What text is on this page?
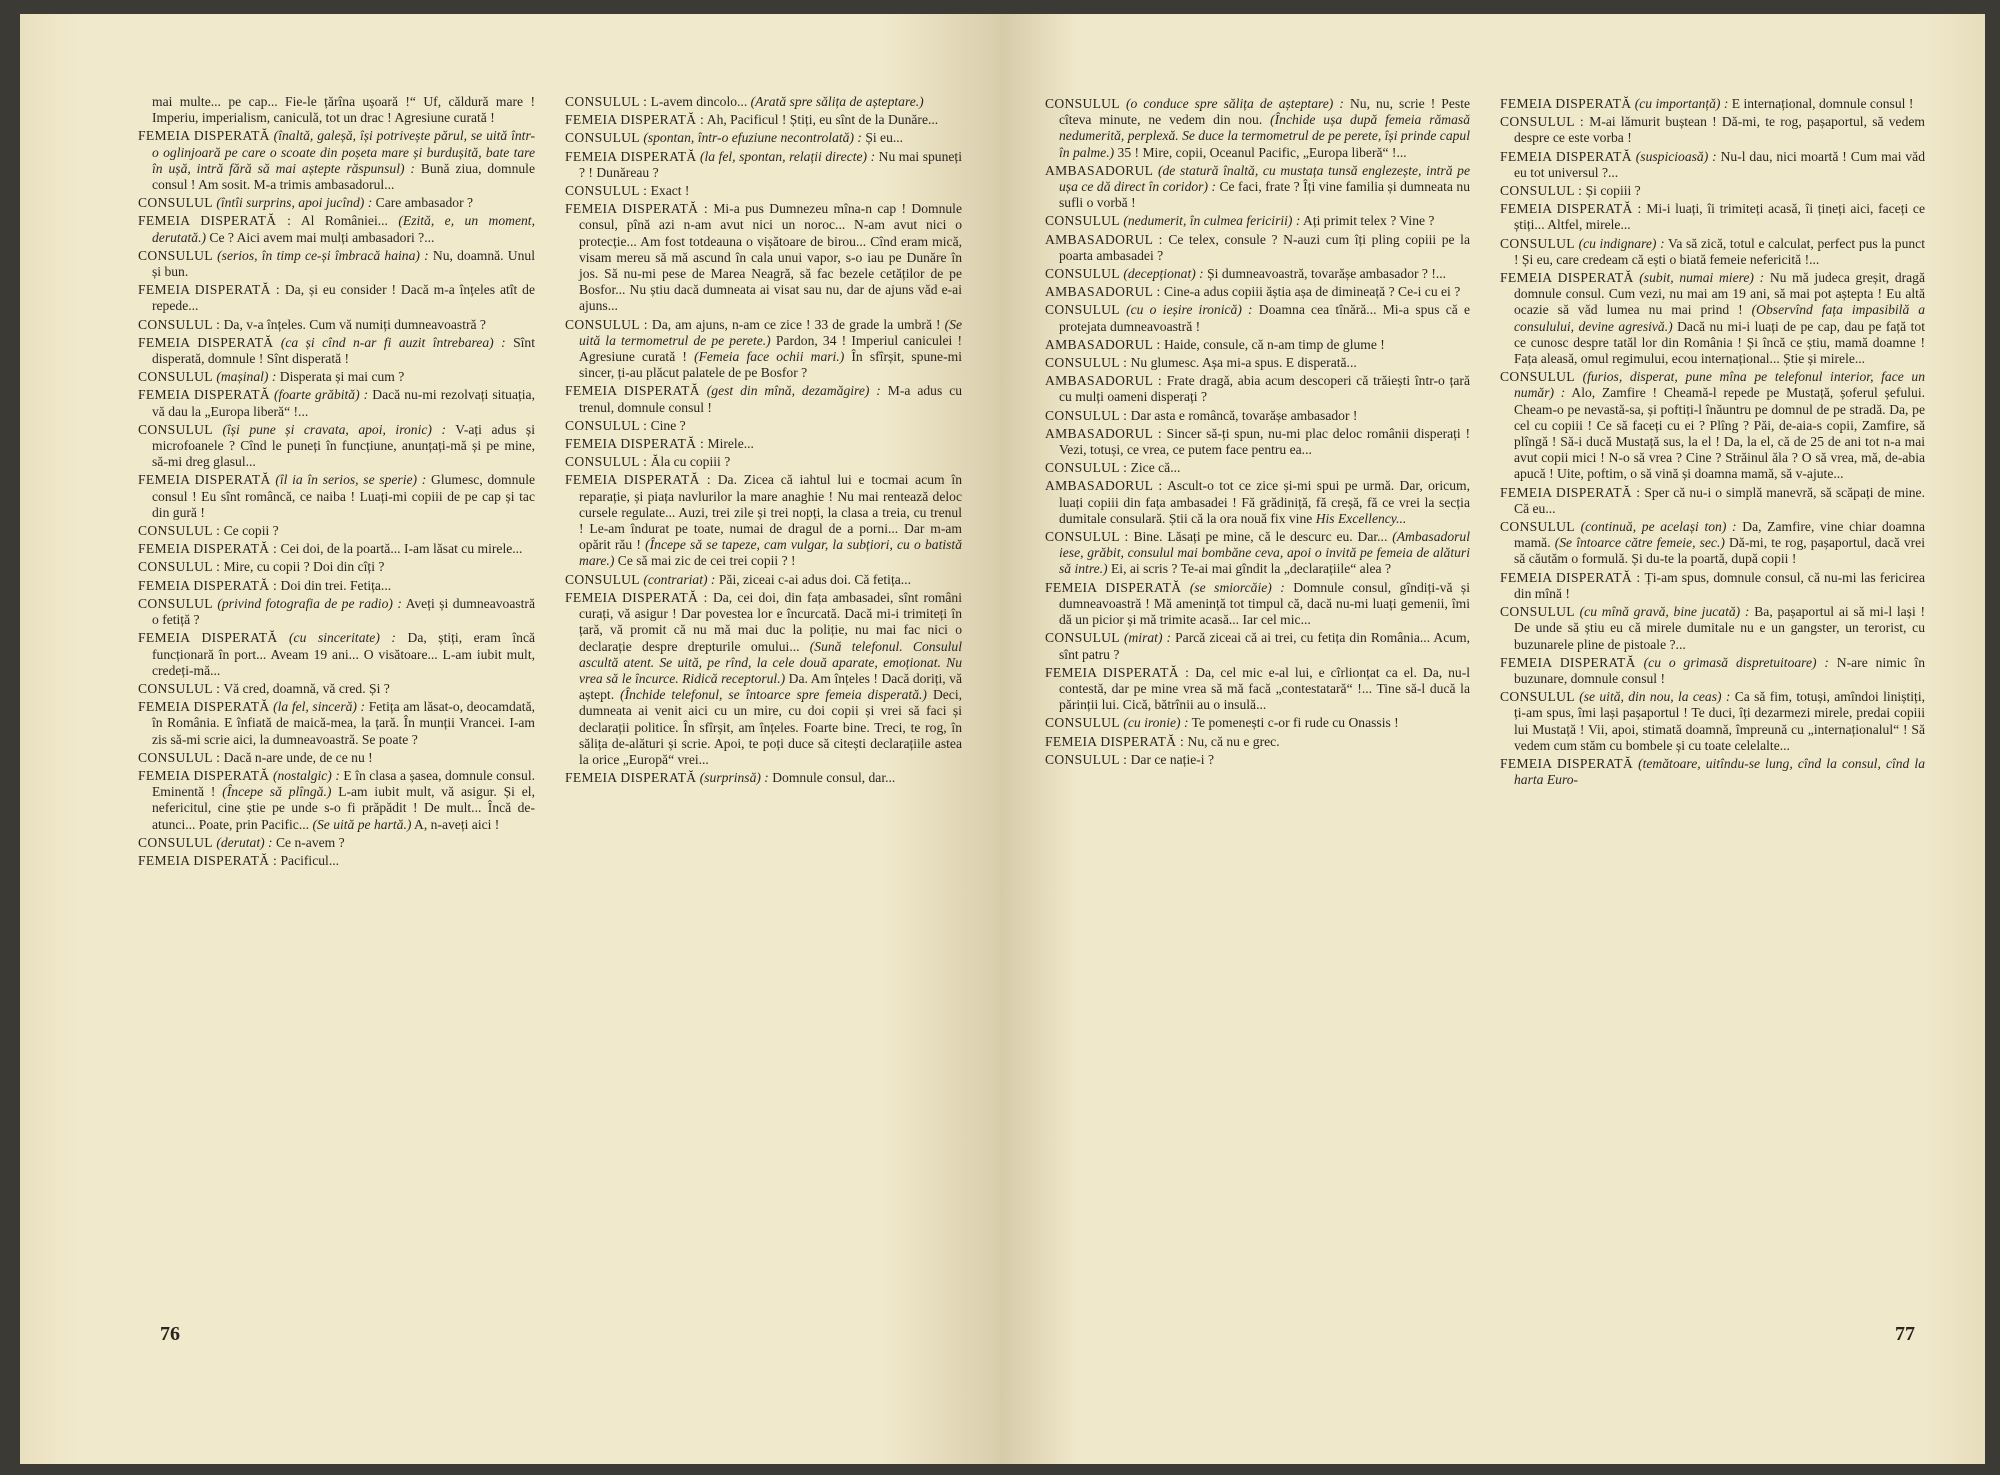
mai multe... pe cap... Fie-le țărîna ușoară !“ Uf, căldură mare ! Imperiu, imperialism, caniculă, tot un drac ! Agresiune curată !

FEMEIA DISPERATĂ (înaltă, galeșă, își potrivește părul, se uită într-o oglinjoară pe care o scoate din poșeta mare și burdușită, bate tare în ușă, intră fără să mai aștepte răspunsul) : Bună ziua, domnule consul ! Am sosit. M-a trimis ambasadorul...

CONSULUL (întîi surprins, apoi jucînd) : Care ambasador ?

FEMEIA DISPERATĂ : Al României... (Ezită, e, un moment, derutată.) Ce ? Aici avem mai mulți ambasadori ?...

CONSULUL (serios, în timp ce-și îmbracă haina) : Nu, doamnă. Unul și bun.

FEMEIA DISPERATĂ : Da, și eu consider ! Dacă m-a înțeles atît de repede...

CONSULUL : Da, v-a înțeles. Cum vă numiți dumneavoastră ?

FEMEIA DISPERATĂ (ca și cînd n-ar fi auzit întrebarea) : Sînt disperată, domnule ! Sînt disperată !

CONSULUL (mașinal) : Disperata și mai cum ?

FEMEIA DISPERATĂ (foarte grăbită) : Dacă nu-mi rezolvați situația, vă dau la „Europa liberă“ !...

CONSULUL (își pune și cravata, apoi, ironic) : V-ați adus și microfoanele ? Cînd le puneți în funcțiune, anunțați-mă și pe mine, să-mi dreg glasul...

FEMEIA DISPERATĂ (îl ia în serios, se sperie) : Glumesc, domnule consul ! Eu sînt româncă, ce naiba ! Luați-mi copiii de pe cap și tac din gură !

CONSULUL : Ce copii ?

FEMEIA DISPERATĂ : Cei doi, de la poartă... I-am lăsat cu mirele...

CONSULUL : Mire, cu copii ? Doi din cîți ?

FEMEIA DISPERATĂ : Doi din trei. Fetița...

CONSULUL (privind fotografia de pe radio) : Aveți și dumneavoastră o fetiță ?

FEMEIA DISPERATĂ (cu sinceritate) : Da, știți, eram încă funcționară în port... Aveam 19 ani... O visătoare... L-am iubit mult, credeți-mă...

CONSULUL : Vă cred, doamnă, vă cred. Și ?

FEMEIA DISPERATĂ (la fel, sinceră) : Fetița am lăsat-o, deocamdată, în România. E înfiată de maică-mea, la țară. În munții Vrancei. I-am zis să-mi scrie aici, la dumneavoastră. Se poate ?

CONSULUL : Dacă n-are unde, de ce nu !

FEMEIA DISPERATĂ (nostalgic) : E în clasa a șasea, domnule consul. Eminentă ! (Începe să plîngă.) L-am iubit mult, vă asigur. Și el, nefericitul, cine știe pe unde s-o fi prăpădit ! De mult... Încă de-atunci... Poate, prin Pacific... (Se uită pe hartă.) A, n-aveți aici !

CONSULUL (derutat) : Ce n-avem ?

FEMEIA DISPERATĂ : Pacificul...

CONSULUL : L-avem dincolo... (Arată spre sălița de așteptare.)

FEMEIA DISPERATĂ : Ah, Pacificul ! Știți, eu sînt de la Dunăre...

CONSULUL (spontan, într-o efuziune necontrolată) : Și eu...

FEMEIA DISPERATĂ (la fel, spontan, relații directe) : Nu mai spuneți ? ! Dunăreau ?

CONSULUL : Exact !

FEMEIA DISPERATĂ : Mi-a pus Dumnezeu mîna-n cap ! Domnule consul, pînă azi n-am avut nici un noroc... N-am avut nici o protecție... Am fost totdeauna o vișătoare de birou... Cînd eram mică, visam mereu să mă ascund în cala unui vapor, s-o iau pe Dunăre în jos. Să nu-mi pese de Marea Neagră, să fac bezele cetăților de pe Bosfor... Nu știu dacă dumneata ai visat sau nu, dar de ajuns văd e-ai ajuns...

CONSULUL : Da, am ajuns, n-am ce zice ! 33 de grade la umbră ! (Se uită la termometrul de pe perete.) Pardon, 34 ! Imperiul caniculei ! Agresiune curată ! (Femeia face ochii mari.) În sfîrșit, spune-mi sincer, ți-au plăcut palatele de pe Bosfor ?

FEMEIA DISPERATĂ (gest din mînă, dezamăgire) : M-a adus cu trenul, domnule consul !

CONSULUL : Cine ?

FEMEIA DISPERATĂ : Mirele...

CONSULUL : Ăla cu copiii ?

FEMEIA DISPERATĂ : Da. Zicea că iahtul lui e tocmai acum în reparație, și piața navlurilor la mare anaghie ! Nu mai rentează deloc cursele regulate... Auzi, trei zile și trei nopți, la clasa a treia, cu trenul ! Le-am îndurat pe toate, numai de dragul de a porni... Dar m-am opărit rău ! (Începe să se tapeze, cam vulgar, la subțiori, cu o batistă mare.) Ce să mai zic de cei trei copii ? !

CONSULUL (contrariat) : Păi, ziceai c-ai adus doi. Că fetița...

FEMEIA DISPERATĂ : Da, cei doi, din fața ambasadei, sînt români curați, vă asigur ! Dar povestea lor e încurcată. Dacă mi-i trimiteți în țară, vă promit că nu mă mai duc la poliție, nu mai fac nici o declarație despre drepturile omului... (Sună telefonul. Consulul ascultă atent. Se uită, pe rînd, la cele două aparate, emoționat. Nu vrea să le încurce. Ridică receptorul.) Da. Am înțeles ! Dacă doriți, vă aștept. (Închide telefonul, se întoarce spre femeia disperată.) Deci, dumneata ai venit aici cu un mire, cu doi copii și vrei să faci și declarații politice. În sfîrșit, am înțeles. Foarte bine. Treci, te rog, în sălița de-alături și scrie. Apoi, te poți duce să citești declarațiile astea la orice „Europă“ vrei...

FEMEIA DISPERATĂ (surprinsă) : Domnule consul, dar...

76

CONSULUL (o conduce spre sălița de așteptare) : Nu, nu, scrie ! Peste cîteva minute, ne vedem din nou. (Închide ușa după femeia rămasă nedumerită, perplexă. Se duce la termometrul de pe perete, își prinde capul în palme.) 35 ! Mire, copii, Oceanul Pacific, „Europa liberă“ !...

AMBASADORUL (de statură înaltă, cu mustața tunsă englezește, intră pe ușa ce dă direct în coridor) : Ce faci, frate ? Îți vine familia și dumneata nu sufli o vorbă !

CONSULUL (nedumerit, în culmea fericirii) : Ați primit telex ? Vine ?

AMBASADORUL : Ce telex, consule ? N-auzi cum îți pling copiii pe la poarta ambasadei ?

CONSULUL (decepționat) : Și dumneavoastră, tovarășe ambasador ? !...

AMBASADORUL : Cine-a adus copiii ăștia așa de dimineață ? Ce-i cu ei ?

CONSULUL (cu o ieșire ironică) : Doamna cea tînără... Mi-a spus că e protejata dumneavoastră !

AMBASADORUL : Haide, consule, că n-am timp de glume !

CONSULUL : Nu glumesc. Așa mi-a spus. E disperată...

AMBASADORUL : Frate dragă, abia acum descoperi că trăiești într-o țară cu mulți oameni disperați ?

CONSULUL : Dar asta e româncă, tovarășe ambasador !

AMBASADORUL : Sincer să-ți spun, nu-mi plac deloc românii disperați ! Vezi, totuși, ce vrea, ce putem face pentru ea...

CONSULUL : Zice că...

AMBASADORUL : Ascult-o tot ce zice și-mi spui pe urmă. Dar, oricum, luați copiii din fața ambasadei ! Fă grădiniță, fă creșă, fă ce vrei la secția dumitale consulară. Știi că la ora nouă fix vine His Excellency...

CONSULUL : Bine. Lăsați pe mine, că le descurc eu. Dar... (Ambasadorul iese, grăbit, consulul mai bombăne ceva, apoi o invită pe femeia de alături să intre.) Ei, ai scris ? Te-ai mai gîndit la „declarațiile“ alea ?

FEMEIA DISPERATĂ (se smiorcăie) : Domnule consul, gîndiți-vă și dumneavoastră ! Mă amenință tot timpul că, dacă nu-mi luați gemenii, îmi dă un picior și mă trimite acasă... Iar cel mic...

CONSULUL (mirat) : Parcă ziceai că ai trei, cu fetița din România... Acum, sînt patru ?

FEMEIA DISPERATĂ : Da, cel mic e-al lui, e cîrlionțat ca el. Da, nu-l contestă, dar pe mine vrea să mă facă „contestatară“ !... Tine să-l ducă la părinții lui. Cică, bătrînii au o insulă...

CONSULUL (cu ironie) : Te pomenești c-or fi rude cu Onassis !

FEMEIA DISPERATĂ : Nu, că nu e grec.

CONSULUL : Dar ce nație-i ?

FEMEIA DISPERATĂ (cu importanță) : E internațional, domnule consul !

CONSULUL : M-ai lămurit buștean ! Dă-mi, te rog, pașaportul, să vedem despre ce este vorba !

FEMEIA DISPERATĂ (suspicioasă) : Nu-l dau, nici moartă ! Cum mai văd eu tot universul ?...

CONSULUL : Și copiii ?

FEMEIA DISPERATĂ : Mi-i luați, îi trimiteți acasă, îi țineți aici, faceți ce știți... Altfel, mirele...

CONSULUL (cu indignare) : Va să zică, totul e calculat, perfect pus la punct ! Și eu, care credeam că ești o biată femeie nefericită !...

FEMEIA DISPERATĂ (subit, numai miere) : Nu mă judeca greșit, dragă domnule consul. Cum vezi, nu mai am 19 ani, să mai pot aștepta ! Eu altă ocazie să văd lumea nu mai prind ! (Observînd fața impasibilă a consulului, devine agresivă.) Dacă nu mi-i luați de pe cap, dau pe față tot ce cunosc despre tatăl lor din România ! Și încă ce știu, mamă doamne ! Fața aleasă, omul regimului, ecou internațional... Știe și mirele...

CONSULUL (furios, disperat, pune mîna pe telefonul interior, face un număr) : Alo, Zamfire ! Cheamă-l repede pe Mustață, șoferul șefului. Cheam-o pe nevastă-sa, și poftiți-l înăuntru pe domnul de pe stradă. Da, pe cel cu copiii ! Ce să faceți cu ei ? Plîng ? Păi, de-aia-s copii, Zamfire, să plîngă ! Să-i ducă Mustață sus, la el ! Da, la el, că de 25 de ani tot n-a mai avut copii mici ! N-o să vrea ? Cine ? Străinul ăla ? O să vrea, mă, de-abia apucă ! Uite, poftim, o să vină și doamna mamă, să v-ajute...

FEMEIA DISPERATĂ : Sper că nu-i o simplă manevră, să scăpați de mine. Că eu...

CONSULUL (continuă, pe același ton) : Da, Zamfire, vine chiar doamna mamă. (Se întoarce către femeie, sec.) Dă-mi, te rog, pașaportul, dacă vrei să căutăm o formulă. Și du-te la poartă, după copii !

FEMEIA DISPERATĂ : Ți-am spus, domnule consul, că nu-mi las fericirea din mînă !

CONSULUL (cu mînă gravă, bine jucată) : Ba, pașaportul ai să mi-l lași ! De unde să știu eu că mirele dumitale nu e un gangster, un terorist, cu buzunarele pline de pistoale ?...

FEMEIA DISPERATĂ (cu o grimasă dispretuitoare) : N-are nimic în buzunare, domnule consul !

CONSULUL (se uită, din nou, la ceas) : Ca să fim, totuși, amîndoi liniștiți, ți-am spus, îmi lași pașaportul ! Te duci, îți dezarmezi mirele, predai copiii lui Mustață ! Vii, apoi, stimată doamnă, împreună cu „internaționalul“ ! Să vedem cum stăm cu bombele și cu toate celelalte...

FEMEIA DISPERATĂ (temătoare, uitîndu-se lung, cînd la consul, cînd la harta Euro-

77
